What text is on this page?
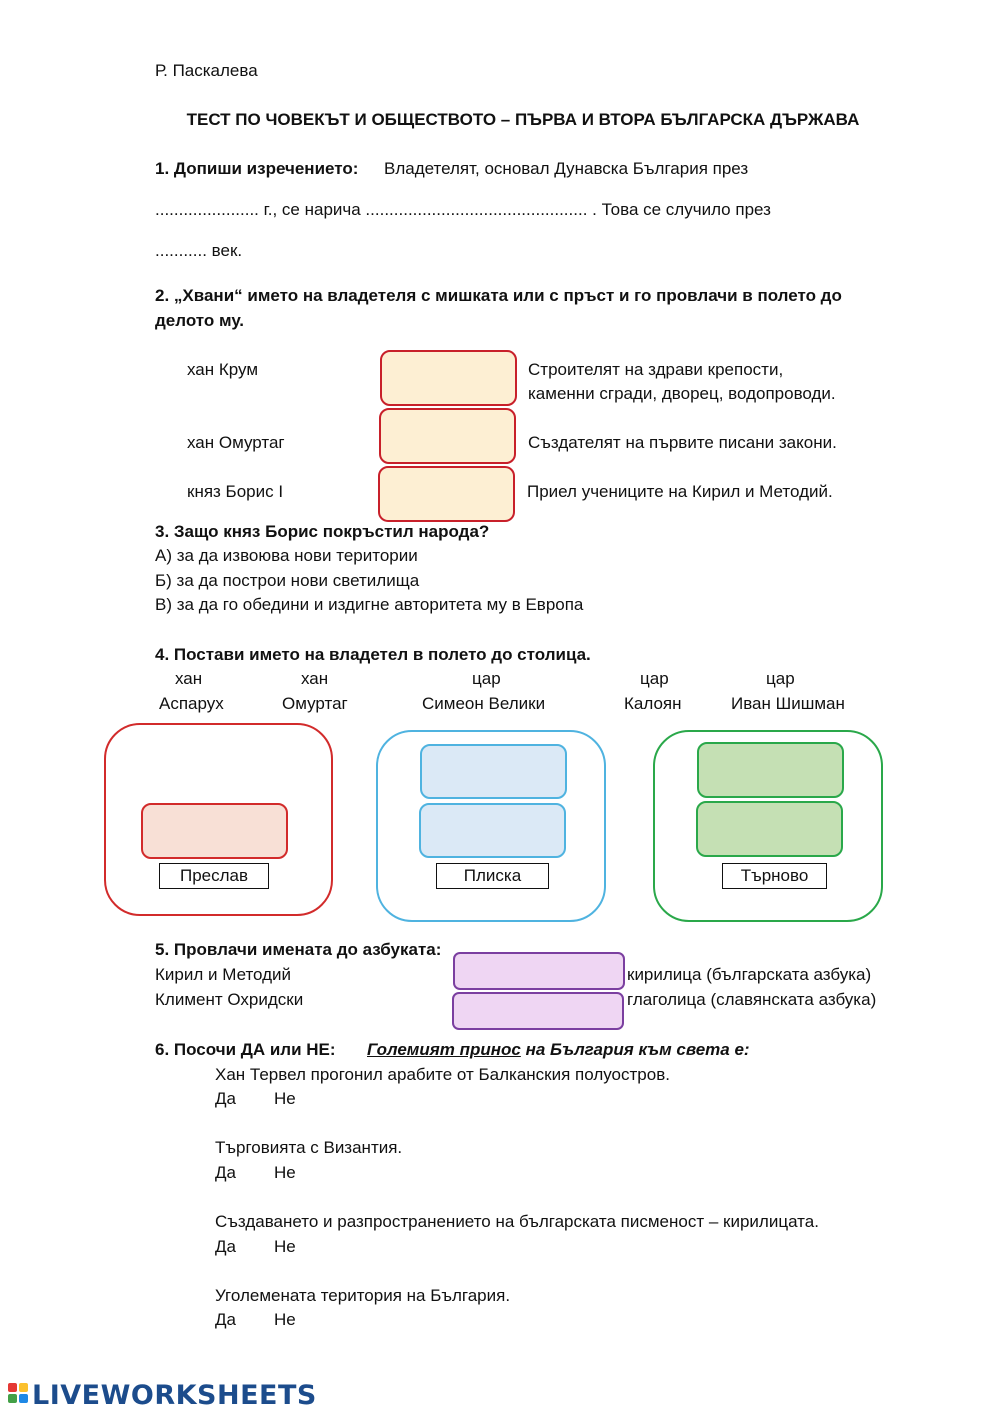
Р. Паскалева
ТЕСТ ПО ЧОВЕКЪТ И ОБЩЕСТВОТО – ПЪРВА И ВТОРА БЪЛГАРСКА ДЪРЖАВА
1. Допиши изречението: Владетелят, основал Дунавска България през
...................... г., се нарича ............................................... . Това се случило през
........... век.
2. „Хвани“ името на владетеля с мишката или с пръст и го провлачи в полето до
делото му.
хан Крум
хан Омуртаг
княз Борис I
Строителят на здрави крепости,
каменни сгради, дворец, водопроводи.
Създателят на първите писани закони.
Приел учениците на Кирил и Методий.
3. Защо княз Борис покръстил народа?
А) за да извоюва нови територии
Б) за да построи нови светилища
В) за да го обедини и издигне авторитета му в Европа
4. Постави името на владетел в полето до столица.
хан
Аспарух
хан
Омуртаг
цар
Симеон Велики
цар
Калоян
цар
Иван Шишман
Преслав	Плиска	Търново
5. Провлачи имената до азбуката:
Кирил и Методий
Климент Охридски
кирилица (българската азбука)
глаголица (славянската азбука)
6. Посочи ДА или НЕ: Големият принос на България към света е:
Хан Тервел прогонил арабите от Балканския полуостров.
Да Не
Търговията с Византия.
Да Не
Създаването и разпространението на българската писменост – кирилицата.
Да Не
Уголемената територия на България.
Да Не
LIVEWORKSHEETS
